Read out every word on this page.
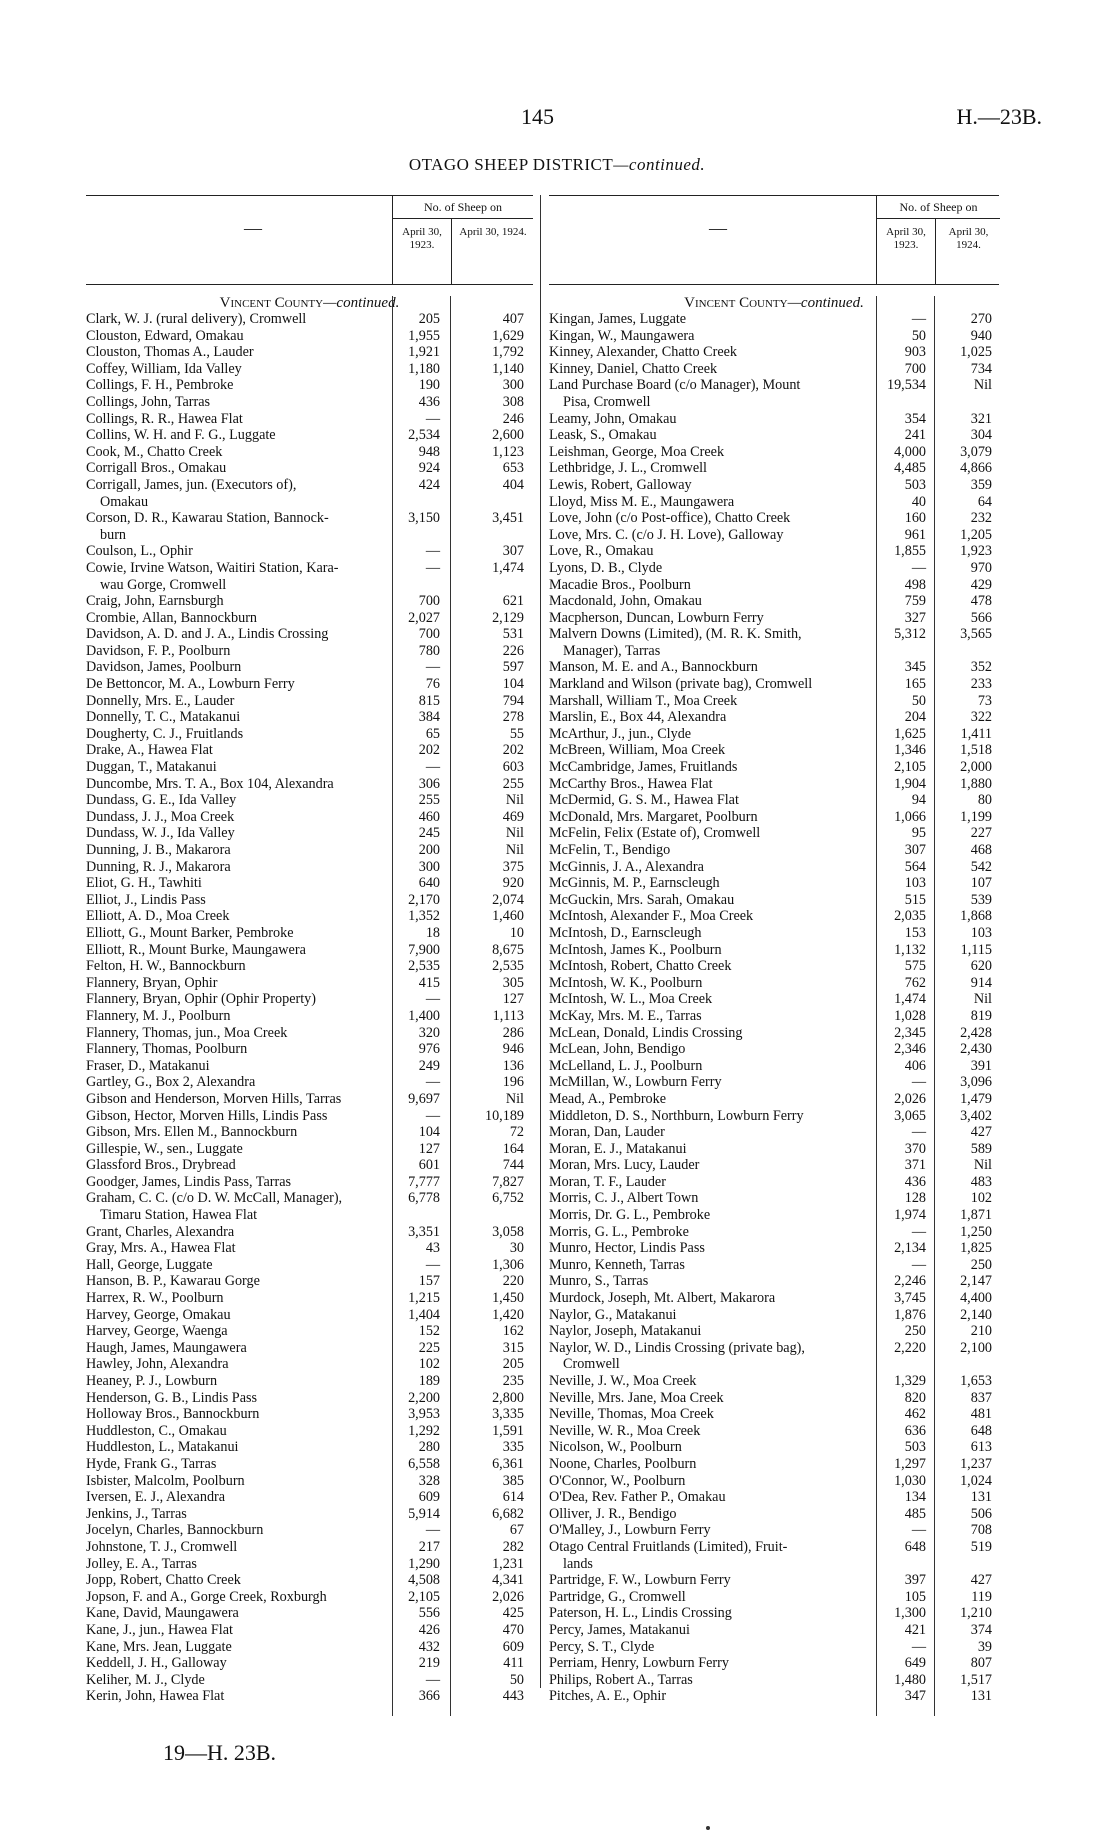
145	H.—23B.
OTAGO SHEEP DISTRICT—continued.
—
No. of Sheep on
April 30, 1923.
April 30, 1924.
Vincent County—continued.
Clark, W. J. (rural delivery), Cromwell	205	407
Clouston, Edward, Omakau	1,955	1,629
Clouston, Thomas A., Lauder	1,921	1,792
Coffey, William, Ida Valley	1,180	1,140
Collings, F. H., Pembroke	190	300
Collings, John, Tarras	436	308
Collings, R. R., Hawea Flat	—	246
Collins, W. H. and F. G., Luggate	2,534	2,600
Cook, M., Chatto Creek	948	1,123
Corrigall Bros., Omakau	924	653
Corrigall, James, jun. (Executors of),	424	404
Omakau
Corson, D. R., Kawarau Station, Bannock-	3,150	3,451
burn
Coulson, L., Ophir	—	307
Cowie, Irvine Watson, Waitiri Station, Kara-	—	1,474
wau Gorge, Cromwell
Craig, John, Earnsburgh	700	621
Crombie, Allan, Bannockburn	2,027	2,129
Davidson, A. D. and J. A., Lindis Crossing	700	531
Davidson, F. P., Poolburn	780	226
Davidson, James, Poolburn	—	597
De Bettoncor, M. A., Lowburn Ferry	76	104
Donnelly, Mrs. E., Lauder	815	794
Donnelly, T. C., Matakanui	384	278
Dougherty, C. J., Fruitlands	65	55
Drake, A., Hawea Flat	202	202
Duggan, T., Matakanui	—	603
Duncombe, Mrs. T. A., Box 104, Alexandra	306	255
Dundass, G. E., Ida Valley	255	Nil
Dundass, J. J., Moa Creek	460	469
Dundass, W. J., Ida Valley	245	Nil
Dunning, J. B., Makarora	200	Nil
Dunning, R. J., Makarora	300	375
Eliot, G. H., Tawhiti	640	920
Elliot, J., Lindis Pass	2,170	2,074
Elliott, A. D., Moa Creek	1,352	1,460
Elliott, G., Mount Barker, Pembroke	18	10
Elliott, R., Mount Burke, Maungawera	7,900	8,675
Felton, H. W., Bannockburn	2,535	2,535
Flannery, Bryan, Ophir	415	305
Flannery, Bryan, Ophir (Ophir Property)	—	127
Flannery, M. J., Poolburn	1,400	1,113
Flannery, Thomas, jun., Moa Creek	320	286
Flannery, Thomas, Poolburn	976	946
Fraser, D., Matakanui	249	136
Gartley, G., Box 2, Alexandra	—	196
Gibson and Henderson, Morven Hills, Tarras	9,697	Nil
Gibson, Hector, Morven Hills, Lindis Pass	—	10,189
Gibson, Mrs. Ellen M., Bannockburn	104	72
Gillespie, W., sen., Luggate	127	164
Glassford Bros., Drybread	601	744
Goodger, James, Lindis Pass, Tarras	7,777	7,827
Graham, C. C. (c/o D. W. McCall, Manager),	6,778	6,752
Timaru Station, Hawea Flat
Grant, Charles, Alexandra	3,351	3,058
Gray, Mrs. A., Hawea Flat	43	30
Hall, George, Luggate	—	1,306
Hanson, B. P., Kawarau Gorge	157	220
Harrex, R. W., Poolburn	1,215	1,450
Harvey, George, Omakau	1,404	1,420
Harvey, George, Waenga	152	162
Haugh, James, Maungawera	225	315
Hawley, John, Alexandra	102	205
Heaney, P. J., Lowburn	189	235
Henderson, G. B., Lindis Pass	2,200	2,800
Holloway Bros., Bannockburn	3,953	3,335
Huddleston, C., Omakau	1,292	1,591
Huddleston, L., Matakanui	280	335
Hyde, Frank G., Tarras	6,558	6,361
Isbister, Malcolm, Poolburn	328	385
Iversen, E. J., Alexandra	609	614
Jenkins, J., Tarras	5,914	6,682
Jocelyn, Charles, Bannockburn	—	67
Johnstone, T. J., Cromwell	217	282
Jolley, E. A., Tarras	1,290	1,231
Jopp, Robert, Chatto Creek	4,508	4,341
Jopson, F. and A., Gorge Creek, Roxburgh	2,105	2,026
Kane, David, Maungawera	556	425
Kane, J., jun., Hawea Flat	426	470
Kane, Mrs. Jean, Luggate	432	609
Keddell, J. H., Galloway	219	411
Keliher, M. J., Clyde	—	50
Kerin, John, Hawea Flat	366	443
—
No. of Sheep on
April 30, 1923.
April 30, 1924.
Vincent County—continued.
Kingan, James, Luggate	—	270
Kingan, W., Maungawera	50	940
Kinney, Alexander, Chatto Creek	903	1,025
Kinney, Daniel, Chatto Creek	700	734
Land Purchase Board (c/o Manager), Mount	19,534	Nil
Pisa, Cromwell
Leamy, John, Omakau	354	321
Leask, S., Omakau	241	304
Leishman, George, Moa Creek	4,000	3,079
Lethbridge, J. L., Cromwell	4,485	4,866
Lewis, Robert, Galloway	503	359
Lloyd, Miss M. E., Maungawera	40	64
Love, John (c/o Post-office), Chatto Creek	160	232
Love, Mrs. C. (c/o J. H. Love), Galloway	961	1,205
Love, R., Omakau	1,855	1,923
Lyons, D. B., Clyde	—	970
Macadie Bros., Poolburn	498	429
Macdonald, John, Omakau	759	478
Macpherson, Duncan, Lowburn Ferry	327	566
Malvern Downs (Limited), (M. R. K. Smith,	5,312	3,565
Manager), Tarras
Manson, M. E. and A., Bannockburn	345	352
Markland and Wilson (private bag), Cromwell	165	233
Marshall, William T., Moa Creek	50	73
Marslin, E., Box 44, Alexandra	204	322
McArthur, J., jun., Clyde	1,625	1,411
McBreen, William, Moa Creek	1,346	1,518
McCambridge, James, Fruitlands	2,105	2,000
McCarthy Bros., Hawea Flat	1,904	1,880
McDermid, G. S. M., Hawea Flat	94	80
McDonald, Mrs. Margaret, Poolburn	1,066	1,199
McFelin, Felix (Estate of), Cromwell	95	227
McFelin, T., Bendigo	307	468
McGinnis, J. A., Alexandra	564	542
McGinnis, M. P., Earnscleugh	103	107
McGuckin, Mrs. Sarah, Omakau	515	539
McIntosh, Alexander F., Moa Creek	2,035	1,868
McIntosh, D., Earnscleugh	153	103
McIntosh, James K., Poolburn	1,132	1,115
McIntosh, Robert, Chatto Creek	575	620
McIntosh, W. K., Poolburn	762	914
McIntosh, W. L., Moa Creek	1,474	Nil
McKay, Mrs. M. E., Tarras	1,028	819
McLean, Donald, Lindis Crossing	2,345	2,428
McLean, John, Bendigo	2,346	2,430
McLelland, L. J., Poolburn	406	391
McMillan, W., Lowburn Ferry	—	3,096
Mead, A., Pembroke	2,026	1,479
Middleton, D. S., Northburn, Lowburn Ferry	3,065	3,402
Moran, Dan, Lauder	—	427
Moran, E. J., Matakanui	370	589
Moran, Mrs. Lucy, Lauder	371	Nil
Moran, T. F., Lauder	436	483
Morris, C. J., Albert Town	128	102
Morris, Dr. G. L., Pembroke	1,974	1,871
Morris, G. L., Pembroke	—	1,250
Munro, Hector, Lindis Pass	2,134	1,825
Munro, Kenneth, Tarras	—	250
Munro, S., Tarras	2,246	2,147
Murdock, Joseph, Mt. Albert, Makarora	3,745	4,400
Naylor, G., Matakanui	1,876	2,140
Naylor, Joseph, Matakanui	250	210
Naylor, W. D., Lindis Crossing (private bag),	2,220	2,100
Cromwell
Neville, J. W., Moa Creek	1,329	1,653
Neville, Mrs. Jane, Moa Creek	820	837
Neville, Thomas, Moa Creek	462	481
Neville, W. R., Moa Creek	636	648
Nicolson, W., Poolburn	503	613
Noone, Charles, Poolburn	1,297	1,237
O'Connor, W., Poolburn	1,030	1,024
O'Dea, Rev. Father P., Omakau	134	131
Olliver, J. R., Bendigo	485	506
O'Malley, J., Lowburn Ferry	—	708
Otago Central Fruitlands (Limited), Fruit-	648	519
lands
Partridge, F. W., Lowburn Ferry	397	427
Partridge, G., Cromwell	105	119
Paterson, H. L., Lindis Crossing	1,300	1,210
Percy, James, Matakanui	421	374
Percy, S. T., Clyde	—	39
Perriam, Henry, Lowburn Ferry	649	807
Philips, Robert A., Tarras	1,480	1,517
Pitches, A. E., Ophir	347	131
19—H. 23B.
